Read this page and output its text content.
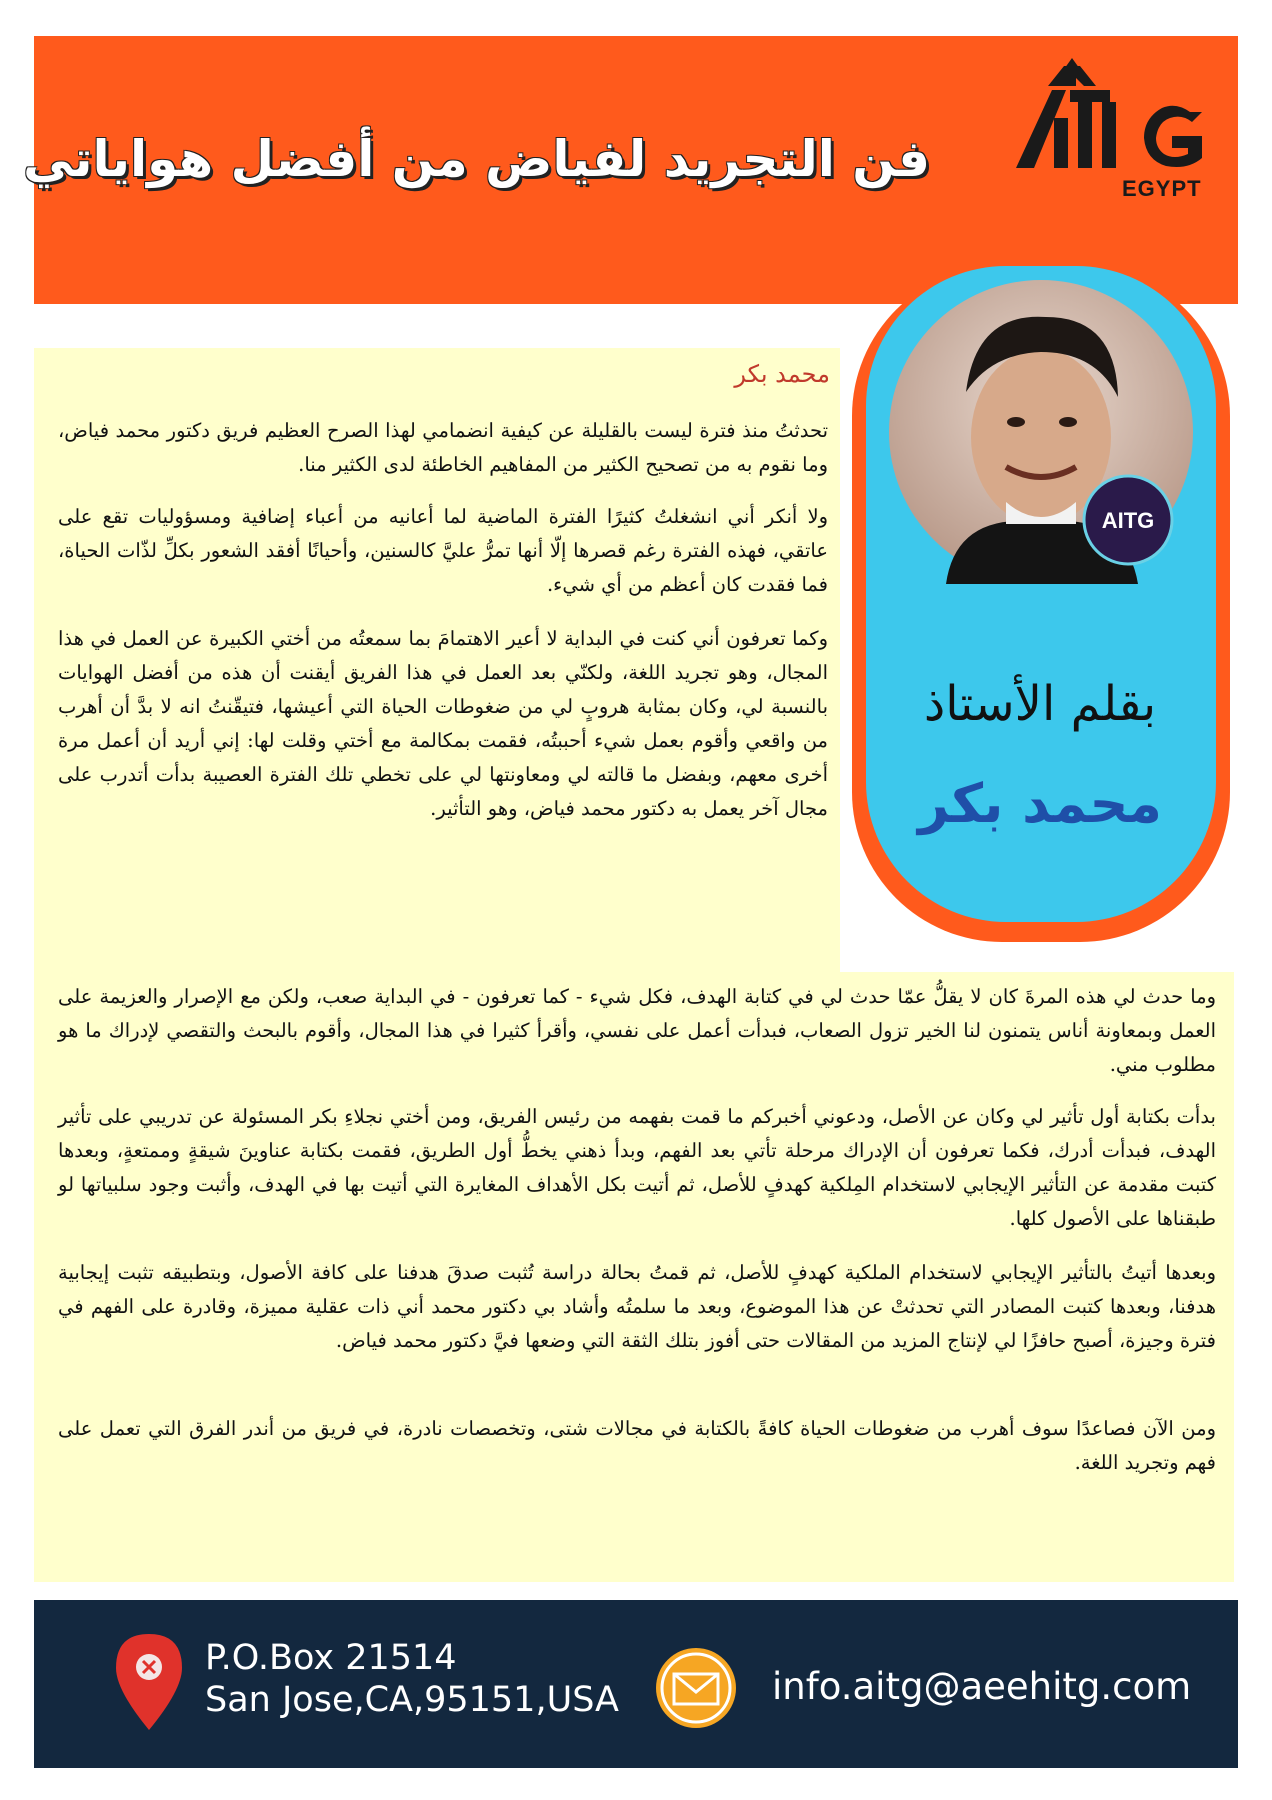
فن التجريد لفياض من أفضل هواياتي
EGYPT
AITG
بقلم الأستاذ
محمد بكر
محمد بكر

تحدثتُ منذ فترة ليست بالقليلة عن كيفية انضمامي لهذا الصرح العظيم فريق دكتور محمد فياض، وما نقوم به من تصحيح الكثير من المفاهيم الخاطئة لدى الكثير منا.

ولا أنكر أني انشغلتُ كثيرًا الفترة الماضية لما أعانيه من أعباء إضافية ومسؤوليات تقع على عاتقي، فهذه الفترة رغم قصرها إلّا أنها تمرُّ عليَّ كالسنين، وأحيانًا أفقد الشعور بكلِّ لذّات الحياة، فما فقدت كان أعظم من أي شيء.

وكما تعرفون أني كنت في البداية لا أعير الاهتمامَ بما سمعتُه من أختي الكبيرة عن العمل في هذا المجال، وهو تجريد اللغة، ولكنّي بعد العمل في هذا الفريق أيقنت أن هذه من أفضل الهوايات بالنسبة لي، وكان بمثابة هروبٍ لي من ضغوطات الحياة التي أعيشها، فتيقّنتُ انه لا بدَّ أن أهرب من واقعي وأقوم بعمل شيء أحببتُه، فقمت بمكالمة مع أختي وقلت لها: إني أريد أن أعمل مرة أخرى معهم، وبفضل ما قالته لي ومعاونتها لي على تخطي تلك الفترة العصيبة بدأت أتدرب على مجال آخر يعمل به دكتور محمد فياض، وهو التأثير.

وما حدث لي هذه المرةَ كان لا يقلُّ عمّا حدث لي في كتابة الهدف، فكل شيء - كما تعرفون - في البداية صعب، ولكن مع الإصرار والعزيمة على العمل وبمعاونة أناس يتمنون لنا الخير تزول الصعاب، فبدأت أعمل على نفسي، وأقرأ كثيرا في هذا المجال، وأقوم بالبحث والتقصي لإدراك ما هو مطلوب مني.

بدأت بكتابة أول تأثير لي وكان عن الأصل، ودعوني أخبركم ما قمت بفهمه من رئيس الفريق، ومن أختي نجلاءِ بكر المسئولة عن تدريبي على تأثير الهدف، فبدأت أدرك، فكما تعرفون أن الإدراك مرحلة تأتي بعد الفهم، وبدأ ذهني يخطُّ أول الطريق، فقمت بكتابة عناوينَ شيقةٍ وممتعةٍ، وبعدها كتبت مقدمة عن التأثير الإيجابي لاستخدام المِلكية كهدفٍ للأصل، ثم أتيت بكل الأهداف المغايرة التي أتيت بها في الهدف، وأثبت وجود سلبياتها لو طبقناها على الأصول كلها.

وبعدها أتيتُ بالتأثير الإيجابي لاستخدام الملكية كهدفٍ للأصل، ثم قمتُ بحالة دراسة تُثبت صدقَ هدفنا على كافة الأصول، وبتطبيقه تثبت إيجابية هدفنا، وبعدها كتبت المصادر التي تحدثتْ عن هذا الموضوع، وبعد ما سلمتُه وأشاد بي دكتور محمد أني ذات عقلية مميزة، وقادرة على الفهم في فترة وجيزة، أصبح حافزًا لي لإنتاج المزيد من المقالات حتى أفوز بتلك الثقة التي وضعها فيَّ دكتور محمد فياض.

ومن الآن فصاعدًا سوف أهرب من ضغوطات الحياة كافةً بالكتابة في مجالات شتى، وتخصصات نادرة، في فريق من أندر الفرق التي تعمل على فهم وتجريد اللغة.

P.O.Box 21514
San Jose,CA,95151,USA	info.aitg@aeehitg.com
